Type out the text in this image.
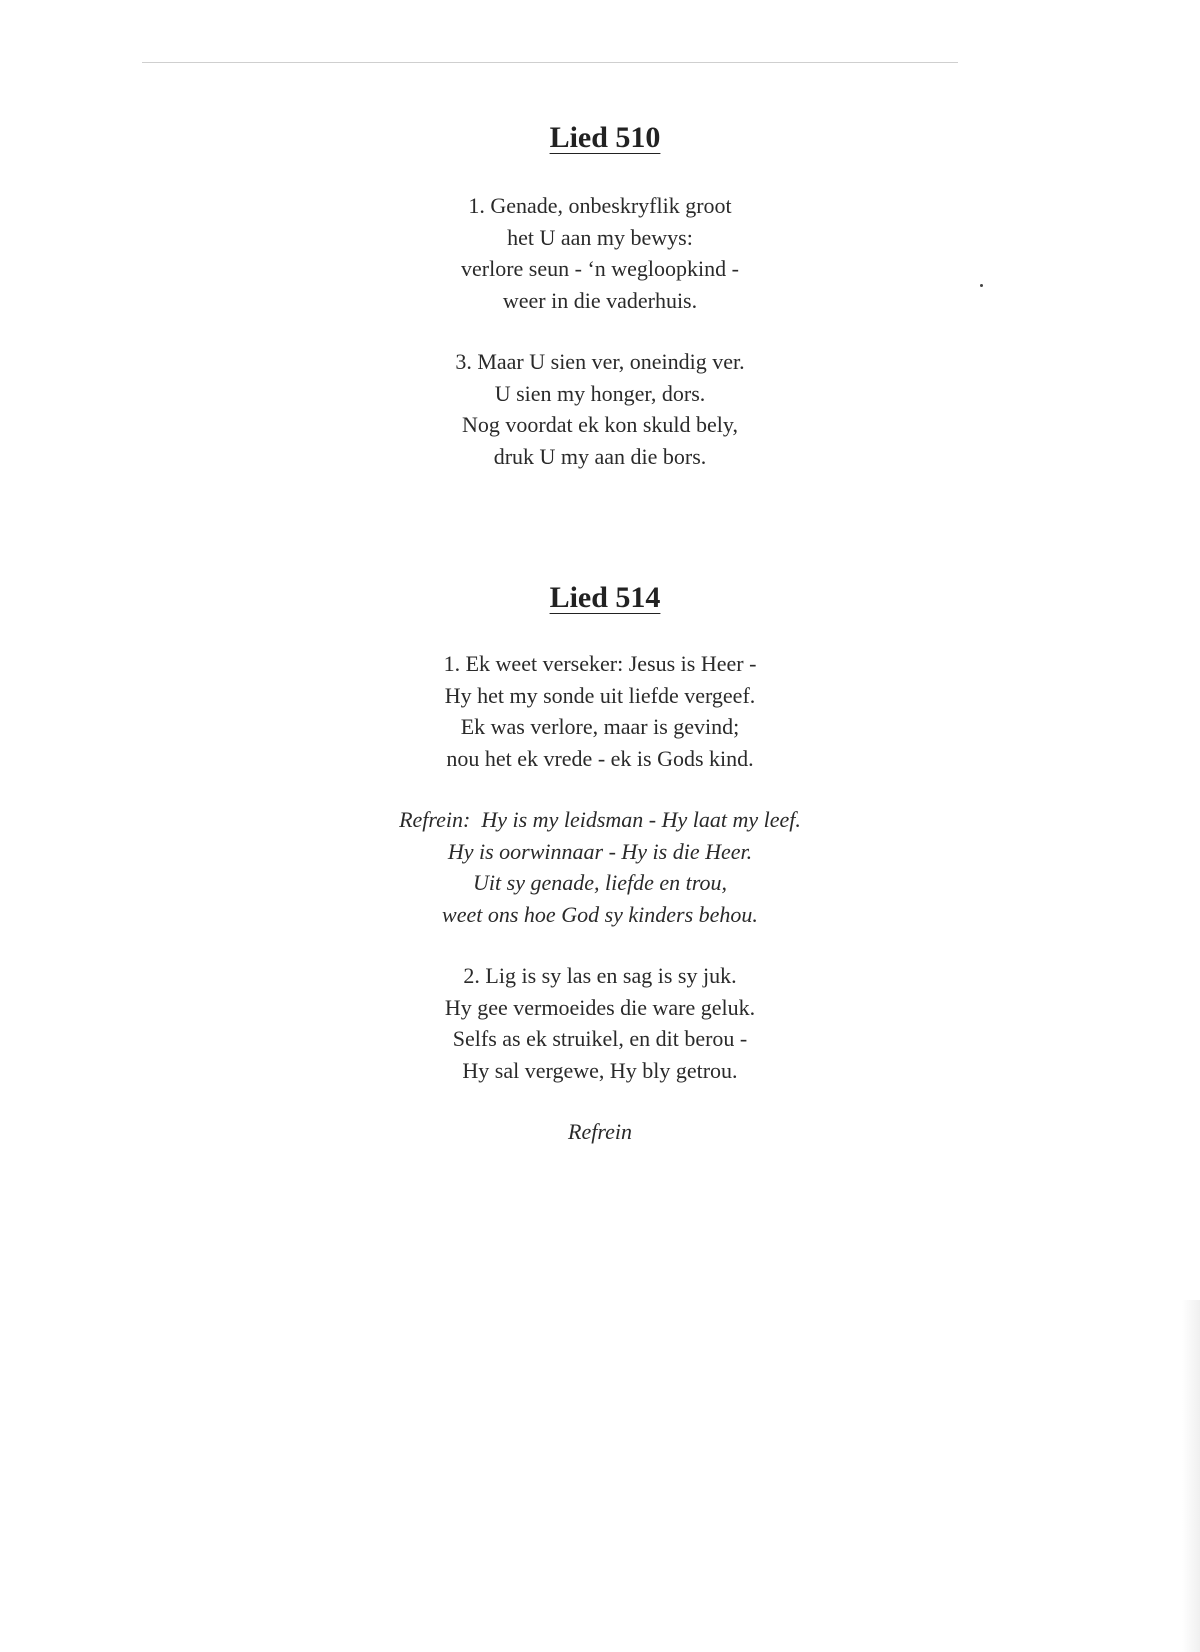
Lied 510
1. Genade, onbeskryflik groot
het U aan my bewys:
verlore seun - ‘n wegloopkind -
weer in die vaderhuis.
3. Maar U sien ver, oneindig ver.
U sien my honger, dors.
Nog voordat ek kon skuld bely,
druk U my aan die bors.
Lied 514
1. Ek weet verseker: Jesus is Heer -
Hy het my sonde uit liefde vergeef.
Ek was verlore, maar is gevind;
nou het ek vrede - ek is Gods kind.
Refrein:  Hy is my leidsman - Hy laat my leef.
Hy is oorwinnaar - Hy is die Heer.
Uit sy genade, liefde en trou,
weet ons hoe God sy kinders behou.
2. Lig is sy las en sag is sy juk.
Hy gee vermoeides die ware geluk.
Selfs as ek struikel, en dit berou -
Hy sal vergewe, Hy bly getrou.
Refrein
